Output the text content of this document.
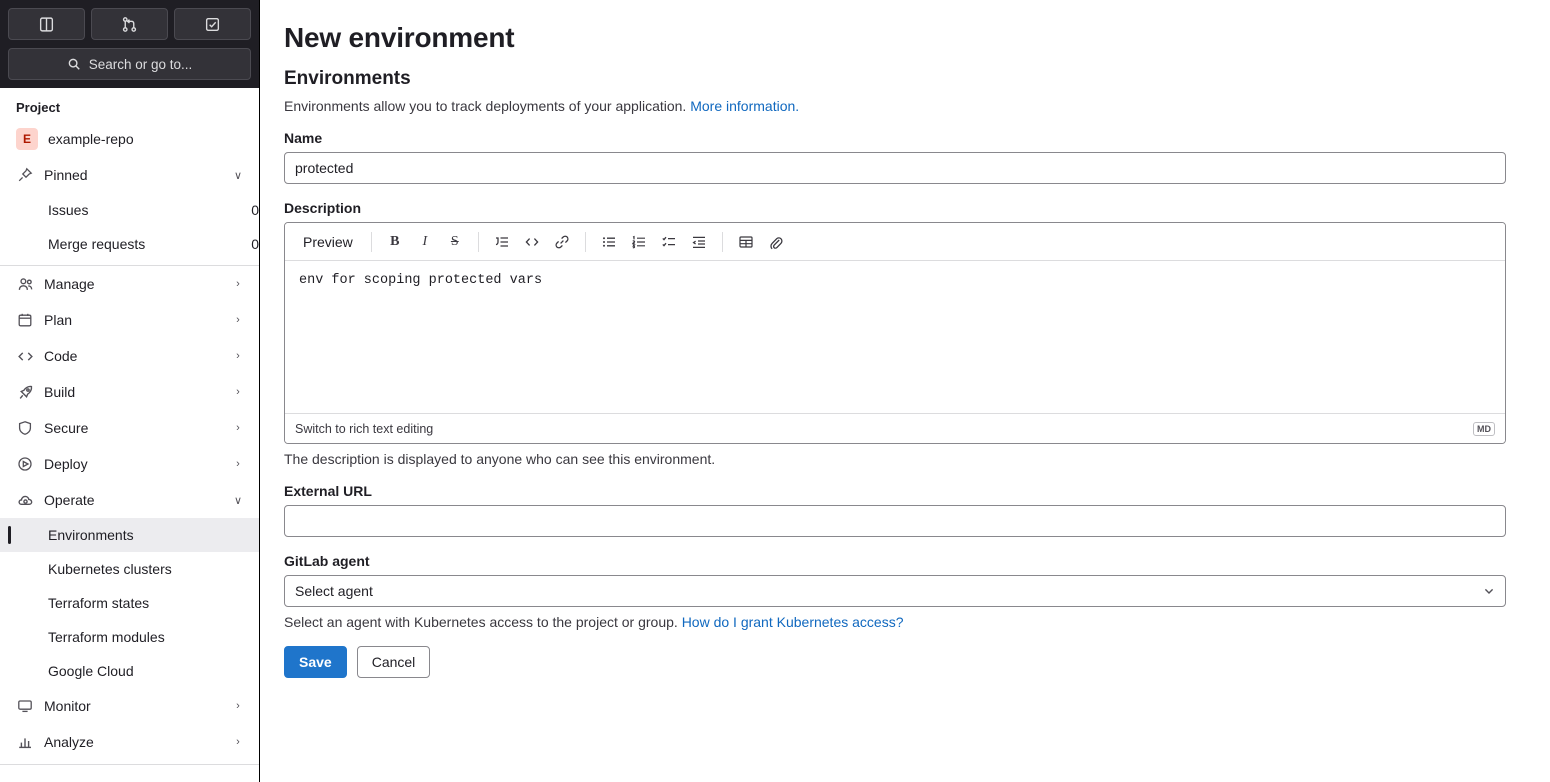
Search or go to...
Project
E	example-repo
Pinned	∨
Issues	0
Merge requests	0
Manage	›
Plan	›
Code	›
Build	›
Secure	›
Deploy	›
Operate	∨
Environments
Kubernetes clusters
Terraform states
Terraform modules
Google Cloud
Monitor	›
Analyze	›
New environment
Environments
Environments allow you to track deployments of your application. More information.
Name
protected
Description
Preview	B	I	S
env for scoping protected vars
Switch to rich text editing	MD
The description is displayed to anyone who can see this environment.
External URL
GitLab agent
Select agent
Select an agent with Kubernetes access to the project or group. How do I grant Kubernetes access?
Save	Cancel
